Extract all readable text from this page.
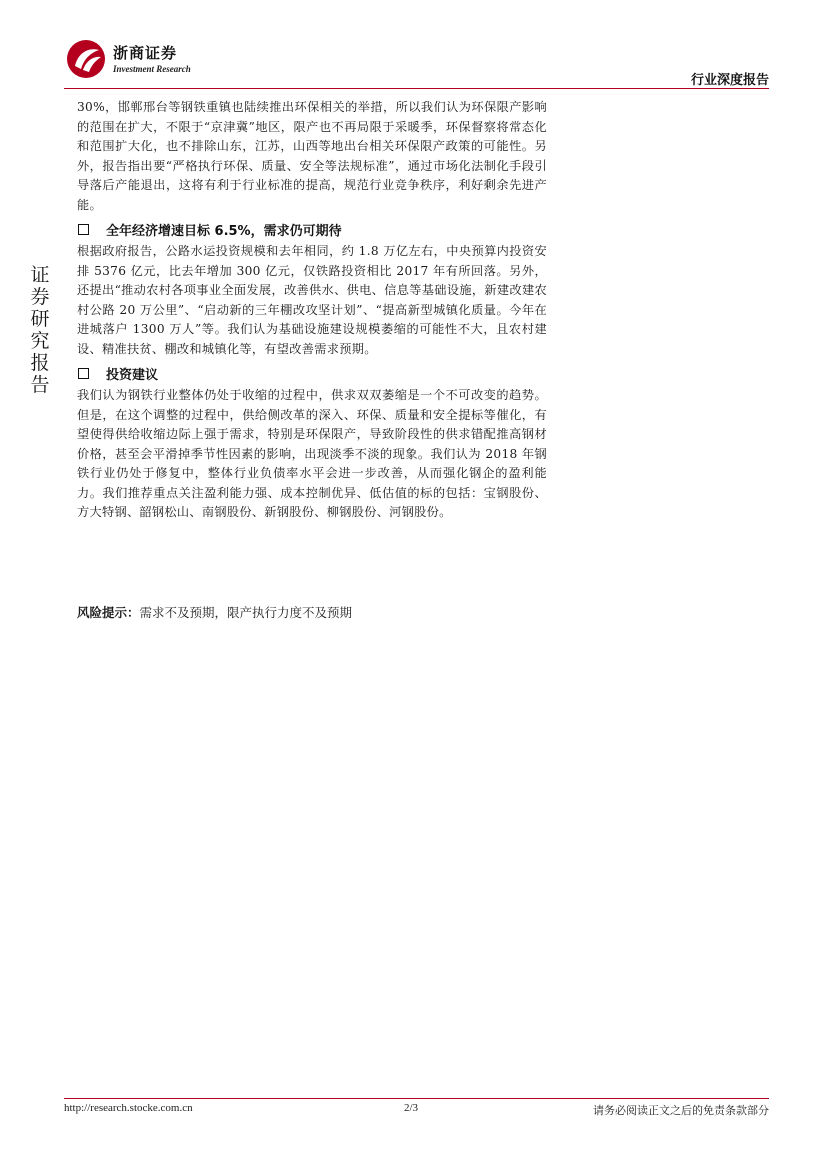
浙商证券
Investment Research
行业深度报告
证
券
研
究
报
告

30%，邯郸邢台等钢铁重镇也陆续推出环保相关的举措，所以我们认为环保限产影响的范围在扩大，不限于“京津冀”地区，限产也不再局限于采暖季，环保督察将常态化和范围扩大化，也不排除山东，江苏，山西等地出台相关环保限产政策的可能性。另外，报告指出要“严格执行环保、质量、安全等法规标准”，通过市场化法制化手段引导落后产能退出，这将有利于行业标准的提高，规范行业竞争秩序，利好剩余先进产能。

全年经济增速目标 6.5%，需求仍可期待

根据政府报告，公路水运投资规模和去年相同，约 1.8 万亿左右，中央预算内投资安排 5376 亿元，比去年增加 300 亿元，仅铁路投资相比 2017 年有所回落。另外，还提出“推动农村各项事业全面发展，改善供水、供电、信息等基础设施，新建改建农村公路 20 万公里”、“启动新的三年棚改攻坚计划”、“提高新型城镇化质量。今年在进城落户 1300 万人”等。我们认为基础设施建设规模萎缩的可能性不大，且农村建设、精准扶贫、棚改和城镇化等，有望改善需求预期。

投资建议

我们认为钢铁行业整体仍处于收缩的过程中，供求双双萎缩是一个不可改变的趋势。但是，在这个调整的过程中，供给侧改革的深入、环保、质量和安全提标等催化，有望使得供给收缩边际上强于需求，特别是环保限产，导致阶段性的供求错配推高钢材价格，甚至会平滑掉季节性因素的影响，出现淡季不淡的现象。我们认为 2018 年钢铁行业仍处于修复中，整体行业负债率水平会进一步改善，从而强化钢企的盈利能力。我们推荐重点关注盈利能力强、成本控制优异、低估值的标的包括：宝钢股份、方大特钢、韶钢松山、南钢股份、新钢股份、柳钢股份、河钢股份。

风险提示：需求不及预期，限产执行力度不及预期
http://research.stocke.com.cn	2/3	请务必阅读正文之后的免责条款部分
